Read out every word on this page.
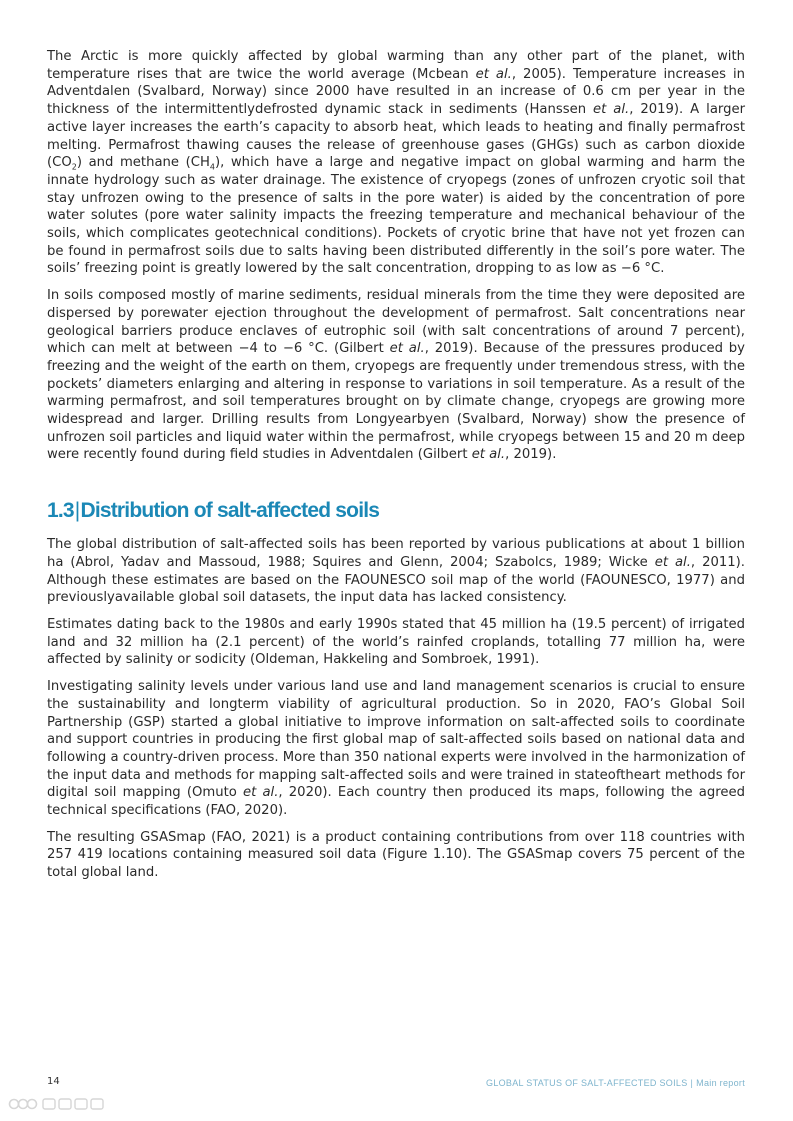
The Arctic is more quickly affected by global warming than any other part of the planet, with temperature rises that are twice the world average (Mcbean et al., 2005). Temperature increases in Adventdalen (Svalbard, Norway) since 2000 have resulted in an increase of 0.6 cm per year in the thickness of the intermittentlydefrosted dynamic stack in sediments (Hanssen et al., 2019). A larger active layer increases the earth’s capacity to absorb heat, which leads to heating and finally permafrost melting. Permafrost thawing causes the release of greenhouse gases (GHGs) such as carbon dioxide $(CO_2)$ and methane $(CH_4)$, which have a large and negative impact on global warming and harm the innate hydrology such as water drainage. The existence of cryopegs (zones of unfrozen cryotic soil that stay unfrozen owing to the presence of salts in the pore water) is aided by the concentration of pore water solutes (pore water salinity impacts the freezing temperature and mechanical behaviour of the soils, which complicates geotechnical conditions). Pockets of cryotic brine that have not yet frozen can be found in permafrost soils due to salts having been distributed differently in the soil’s pore water. The soils’ freezing point is greatly lowered by the salt concentration, dropping to as low as −6 °C.

In soils composed mostly of marine sediments, residual minerals from the time they were deposited are dispersed by porewater ejection throughout the development of permafrost. Salt concentrations near geological barriers produce enclaves of eutrophic soil (with salt concentrations of around 7 percent), which can melt at between −4 to −6 °C. (Gilbert et al., 2019). Because of the pressures produced by freezing and the weight of the earth on them, cryopegs are frequently under tremendous stress, with the pockets’ diameters enlarging and altering in response to variations in soil temperature. As a result of the warming permafrost, and soil temperatures brought on by climate change, cryopegs are growing more widespread and larger. Drilling results from Longyearbyen (Svalbard, Norway) show the presence of unfrozen soil particles and liquid water within the permafrost, while cryopegs between 15 and 20 m deep were recently found during field studies in Adventdalen (Gilbert et al., 2019).

1.3|Distribution of salt-affected soils

The global distribution of salt-affected soils has been reported by various publications at about 1 billion ha (Abrol, Yadav and Massoud, 1988; Squires and Glenn, 2004; Szabolcs, 1989; Wicke et al., 2011). Although these estimates are based on the FAOUNESCO soil map of the world (FAOUNESCO, 1977) and previouslyavailable global soil datasets, the input data has lacked consistency.

Estimates dating back to the 1980s and early 1990s stated that 45 million ha (19.5 percent) of irrigated land and 32 million ha (2.1 percent) of the world’s rainfed croplands, totalling 77 million ha, were affected by salinity or sodicity (Oldeman, Hakkeling and Sombroek, 1991).

Investigating salinity levels under various land use and land management scenarios is crucial to ensure the sustainability and longterm viability of agricultural production. So in 2020, FAO’s Global Soil Partnership (GSP) started a global initiative to improve information on salt-affected soils to coordinate and support countries in producing the first global map of salt-affected soils based on national data and following a country-driven process. More than 350 national experts were involved in the harmonization of the input data and methods for mapping salt-affected soils and were trained in stateoftheart methods for digital soil mapping (Omuto et al., 2020). Each country then produced its maps, following the agreed technical specifications (FAO, 2020).

The resulting GSASmap (FAO, 2021) is a product containing contributions from over 118 countries with 257 419 locations containing measured soil data (Figure 1.10). The GSASmap covers 75 percent of the total global land.

14	GLOBAL STATUS OF SALT-AFFECTED SOILS | Main report
